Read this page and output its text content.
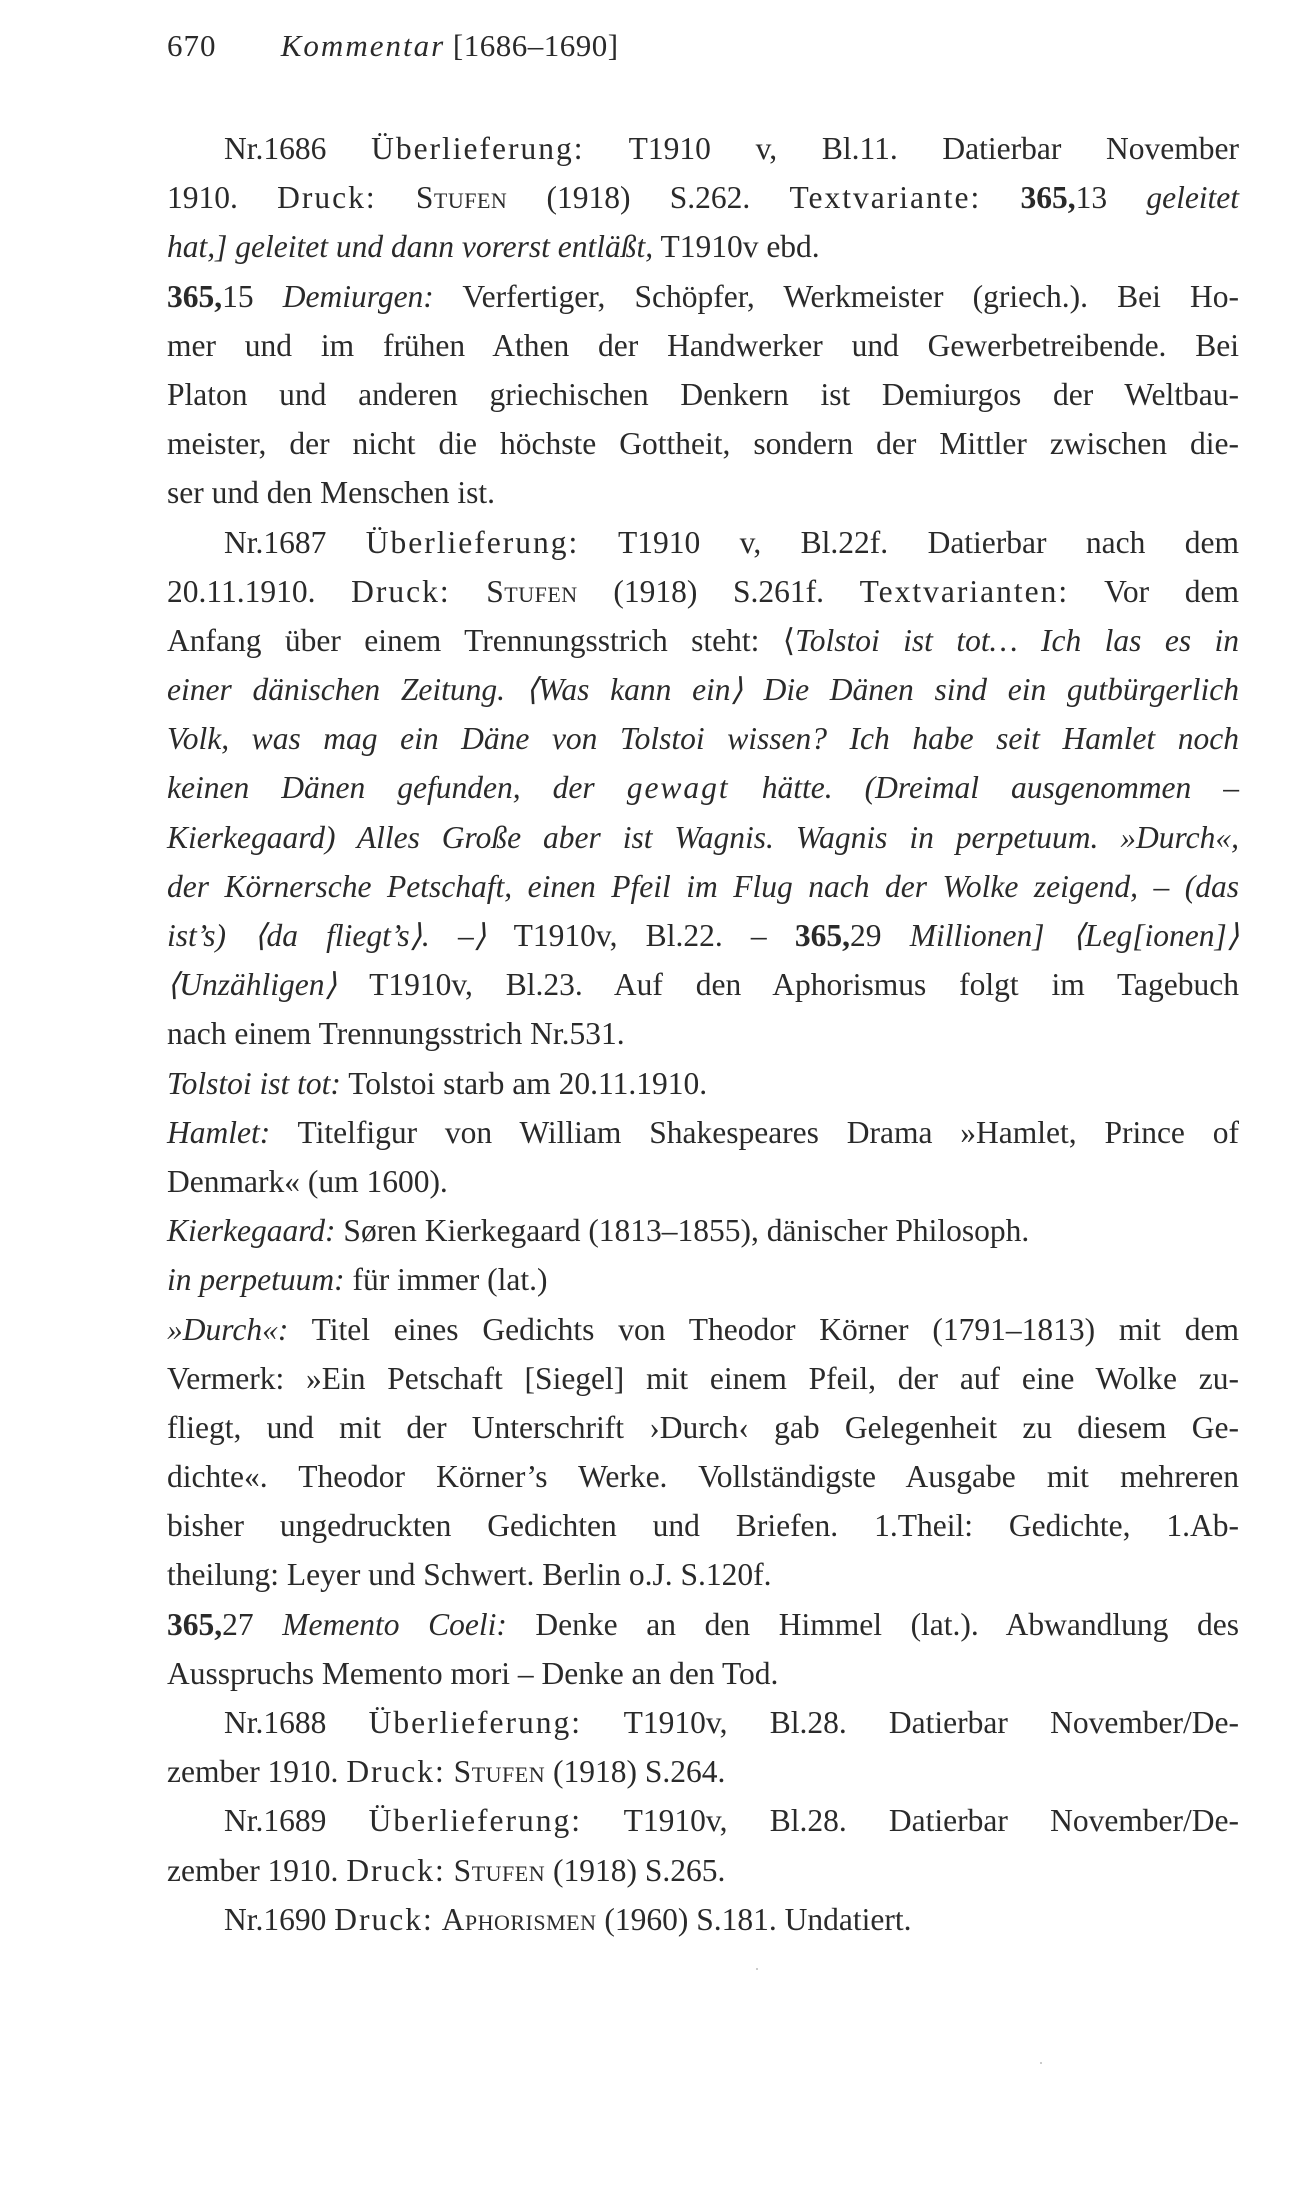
670 Kommentar [1686–1690]
Nr.1686 Überlieferung: T1910 v, Bl.11. Datierbar November
1910. Druck: Stufen (1918) S.262. Textvariante: 365,13 geleitet
hat,] geleitet und dann vorerst entläßt, T1910v ebd.
365,15 Demiurgen: Verfertiger, Schöpfer, Werkmeister (griech.). Bei Ho-
mer und im frühen Athen der Handwerker und Gewerbetreibende. Bei
Platon und anderen griechischen Denkern ist Demiurgos der Weltbau-
meister, der nicht die höchste Gottheit, sondern der Mittler zwischen die-
ser und den Menschen ist.
Nr.1687 Überlieferung: T1910 v, Bl.22f. Datierbar nach dem
20.11.1910. Druck: Stufen (1918) S.261f. Textvarianten: Vor dem
Anfang über einem Trennungsstrich steht: ⟨Tolstoi ist tot… Ich las es in
einer dänischen Zeitung. ⟨Was kann ein⟩ Die Dänen sind ein gutbürgerlich
Volk, was mag ein Däne von Tolstoi wissen? Ich habe seit Hamlet noch
keinen Dänen gefunden, der gewagt hätte. (Dreimal ausgenommen –
Kierkegaard) Alles Große aber ist Wagnis. Wagnis in perpetuum. »Durch«,
der Körnersche Petschaft, einen Pfeil im Flug nach der Wolke zeigend, – (das
ist’s) ⟨da fliegt’s⟩. –⟩ T1910v, Bl.22. – 365,29 Millionen] ⟨Leg[ionen]⟩
⟨Unzähligen⟩ T1910v, Bl.23. Auf den Aphorismus folgt im Tagebuch
nach einem Trennungsstrich Nr.531.
Tolstoi ist tot: Tolstoi starb am 20.11.1910.
Hamlet: Titelfigur von William Shakespeares Drama »Hamlet, Prince of
Denmark« (um 1600).
Kierkegaard: Søren Kierkegaard (1813–1855), dänischer Philosoph.
in perpetuum: für immer (lat.)
»Durch«: Titel eines Gedichts von Theodor Körner (1791–1813) mit dem
Vermerk: »Ein Petschaft [Siegel] mit einem Pfeil, der auf eine Wolke zu-
fliegt, und mit der Unterschrift ›Durch‹ gab Gelegenheit zu diesem Ge-
dichte«. Theodor Körner’s Werke. Vollständigste Ausgabe mit mehreren
bisher ungedruckten Gedichten und Briefen. 1.Theil: Gedichte, 1.Ab-
theilung: Leyer und Schwert. Berlin o.J. S.120f.
365,27 Memento Coeli: Denke an den Himmel (lat.). Abwandlung des
Ausspruchs Memento mori – Denke an den Tod.
Nr.1688 Überlieferung: T1910v, Bl.28. Datierbar November/De-
zember 1910. Druck: Stufen (1918) S.264.
Nr.1689 Überlieferung: T1910v, Bl.28. Datierbar November/De-
zember 1910. Druck: Stufen (1918) S.265.
Nr.1690 Druck: Aphorismen (1960) S.181. Undatiert.
